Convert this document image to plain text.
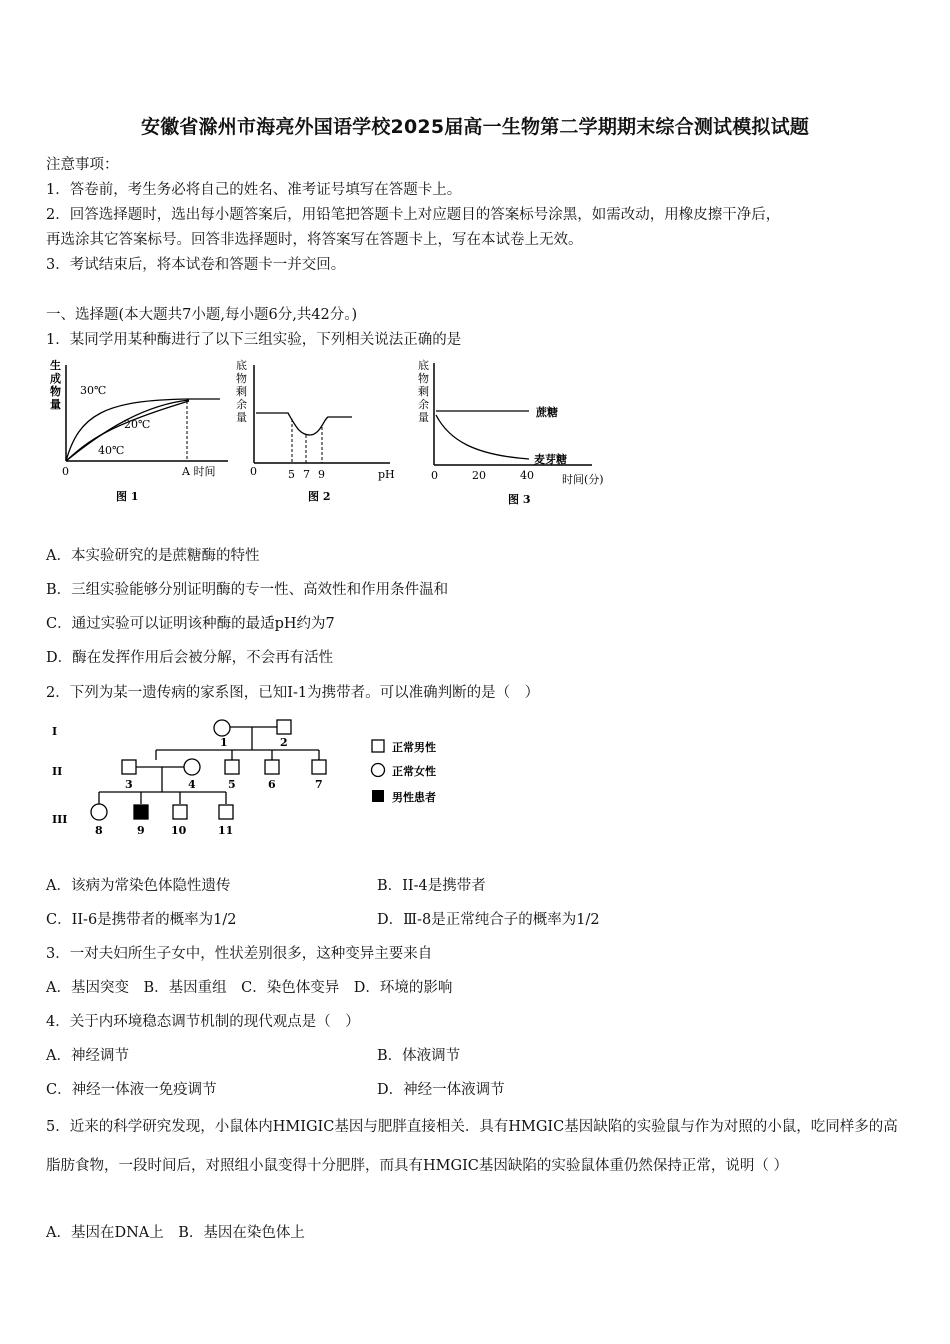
安徽省滁州市海亮外国语学校2025届高一生物第二学期期末综合测试模拟试题
注意事项：
1．答卷前，考生务必将自己的姓名、准考证号填写在答题卡上。
2．回答选择题时，选出每小题答案后，用铅笔把答题卡上对应题目的答案标号涂黑，如需改动，用橡皮擦干净后，
再选涂其它答案标号。回答非选择题时，将答案写在答题卡上，写在本试卷上无效。
3．考试结束后，将本试卷和答题卡一并交回。
一、选择题(本大题共7小题,每小题6分,共42分。)
1．某同学用某种酶进行了以下三组实验，下列相关说法正确的是
生
成
物
量
30℃
20℃
40℃
0	A 时间
图 1
底
物
剩
余
量
0	5 7 9	pH
图 2
底
物
剩
余
量	蔗糖
麦芽糖
0	20	40	时间(分)
图 3
A．本实验研究的是蔗糖酶的特性
B．三组实验能够分别证明酶的专一性、高效性和作用条件温和
C．通过实验可以证明该种酶的最适pH约为7
D．酶在发挥作用后会被分解，不会再有活性
2．下列为某一遗传病的家系图，已知I-1为携带者。可以准确判断的是（　）
I
II
III
1	2
3	4	5	6	7
8	9 10	11
正常男性
正常女性
男性患者
A．该病为常染色体隐性遗传	B．II-4是携带者
C．II-6是携带者的概率为1/2	D．Ⅲ-8是正常纯合子的概率为1/2
3．一对夫妇所生子女中，性状差别很多，这种变异主要来自
A．基因突变　B．基因重组　C．染色体变异　D．环境的影响
4．关于内环境稳态调节机制的现代观点是（　）
A．神经调节	B．体液调节
C．神经一体液一免疫调节	D．神经一体液调节
5．近来的科学研究发现，小鼠体内HMIGIC基因与肥胖直接相关．具有HMGIC基因缺陷的实验鼠与作为对照的小鼠，吃同样多的高脂肪食物，一段时间后，对照组小鼠变得十分肥胖，而具有HMGIC基因缺陷的实验鼠体重仍然保持正常，说明（ ）
A．基因在DNA上　B．基因在染色体上
